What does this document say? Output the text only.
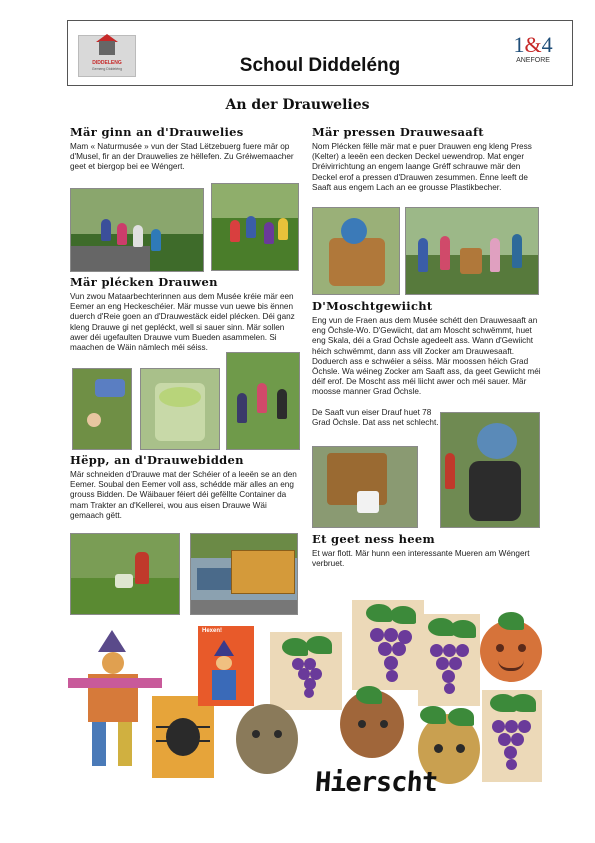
DIDDELENG
Gemeng Diddeléng	Schoul Diddeléng
1&4
ANEFORE
An der Drauwelies
Mär ginn an d'Drauwelies
Mam « Naturmusée » vun der Stad Lëtzebuerg fuere mär op d'Musel, fir an der Drauwelies ze hëllefen. Zu Gréiwemaacher geet et biergop bei ee Wéngert.
Mär plécken Drauwen
Vun zwou Mataarbechterinnen aus dem Musée kréie mär een Eemer an eng Heckeschéier. Mär musse vun uewe bis ënnen duerch d'Reie goen an d'Drauwestäck eidel plécken. Déi ganz kleng Drauwe gi net gepléckt, well si sauer sinn. Mär sollen awer déi ugefaulten Drauwe vum Bueden asammelen. Si maachen de Wäin nämlech méi séiss.
Hëpp, an d'Drauwebidden
Mär schneiden d'Drauwe mat der Schéier of a leeën se an den Eemer. Soubal den Eemer voll ass, schédde mär alles an eng grouss Bidden. De Wäibauer féiert déi gefëllte Container da mam Trakter an d'Kellerei, wou aus eisen Drauwe Wäi gemaach gëtt.
Mär pressen Drauwesaaft
Nom Plécken fëlle mär mat e puer Drauwen eng kleng Press (Kelter) a leeën een decken Deckel uewendrop. Mat enger Dréivirrichtung an engem laange Gréff schrauwe mär den Deckel erof a pressen d'Drauwen zesummen. Ënne leeft de Saaft aus engem Lach an ee grousse Plastikbecher.
D'Moschtgewiicht
Eng vun de Fraen aus dem Musée schétt den Drauwesaaft an eng Öchsle-Wo. D'Gewiicht, dat am Moscht schwëmmt, huet eng Skala, déi a Grad Öchsle agedeelt ass. Wann d'Gewiicht héich schwëmmt, dann ass vill Zocker am Drauwesaaft. Doduerch ass e schwéier a séiss. Mär moossen héich Grad Öchsle. Wa wéineg Zocker am Saaft ass, da geet Gewiicht méi déif erof. De Moscht ass méi liicht awer och méi sauer. Mär moosse manner Grad Öchsle.
De Saaft vun eiser Drauf huet 78 Grad Öchsle. Dat ass net schlecht.
Et geet ness heem
Et war flott. Mär hunn een interessante Mueren am Wéngert verbruet.
Hexen!
Hierscht
